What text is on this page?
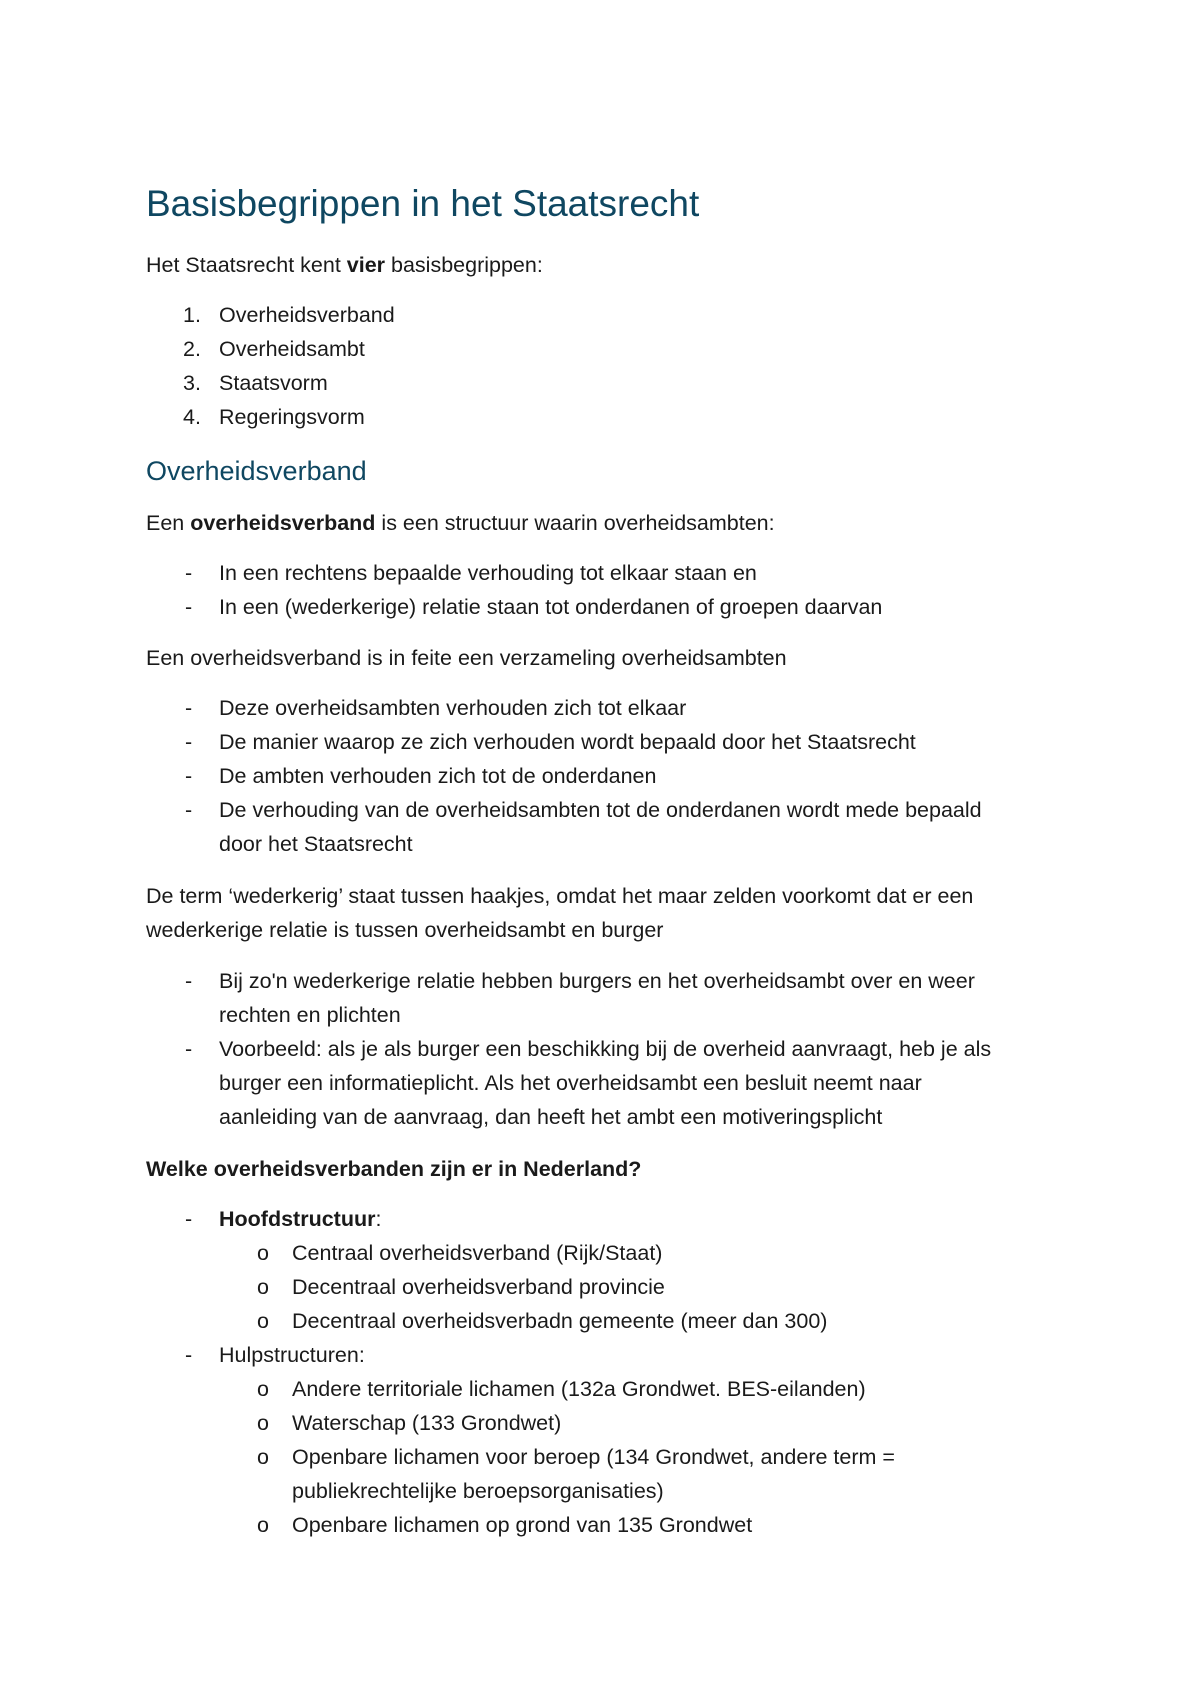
Basisbegrippen in het Staatsrecht
Het Staatsrecht kent vier basisbegrippen:
1. Overheidsverband
2. Overheidsambt
3. Staatsvorm
4. Regeringsvorm
Overheidsverband
Een overheidsverband is een structuur waarin overheidsambten:
- In een rechtens bepaalde verhouding tot elkaar staan en
- In een (wederkerige) relatie staan tot onderdanen of groepen daarvan
Een overheidsverband is in feite een verzameling overheidsambten
- Deze overheidsambten verhouden zich tot elkaar
- De manier waarop ze zich verhouden wordt bepaald door het Staatsrecht
- De ambten verhouden zich tot de onderdanen
- De verhouding van de overheidsambten tot de onderdanen wordt mede bepaald
door het Staatsrecht
De term ‘wederkerig’ staat tussen haakjes, omdat het maar zelden voorkomt dat er een
wederkerige relatie is tussen overheidsambt en burger
- Bij zo'n wederkerige relatie hebben burgers en het overheidsambt over en weer
rechten en plichten
- Voorbeeld: als je als burger een beschikking bij de overheid aanvraagt, heb je als
burger een informatieplicht. Als het overheidsambt een besluit neemt naar
aanleiding van de aanvraag, dan heeft het ambt een motiveringsplicht
Welke overheidsverbanden zijn er in Nederland?
- Hoofdstructuur:
o Centraal overheidsverband (Rijk/Staat)
o Decentraal overheidsverband provincie
o Decentraal overheidsverbadn gemeente (meer dan 300)
- Hulpstructuren:
o Andere territoriale lichamen (132a Grondwet. BES-eilanden)
o Waterschap (133 Grondwet)
o Openbare lichamen voor beroep (134 Grondwet, andere term =
publiekrechtelijke beroepsorganisaties)
o Openbare lichamen op grond van 135 Grondwet
